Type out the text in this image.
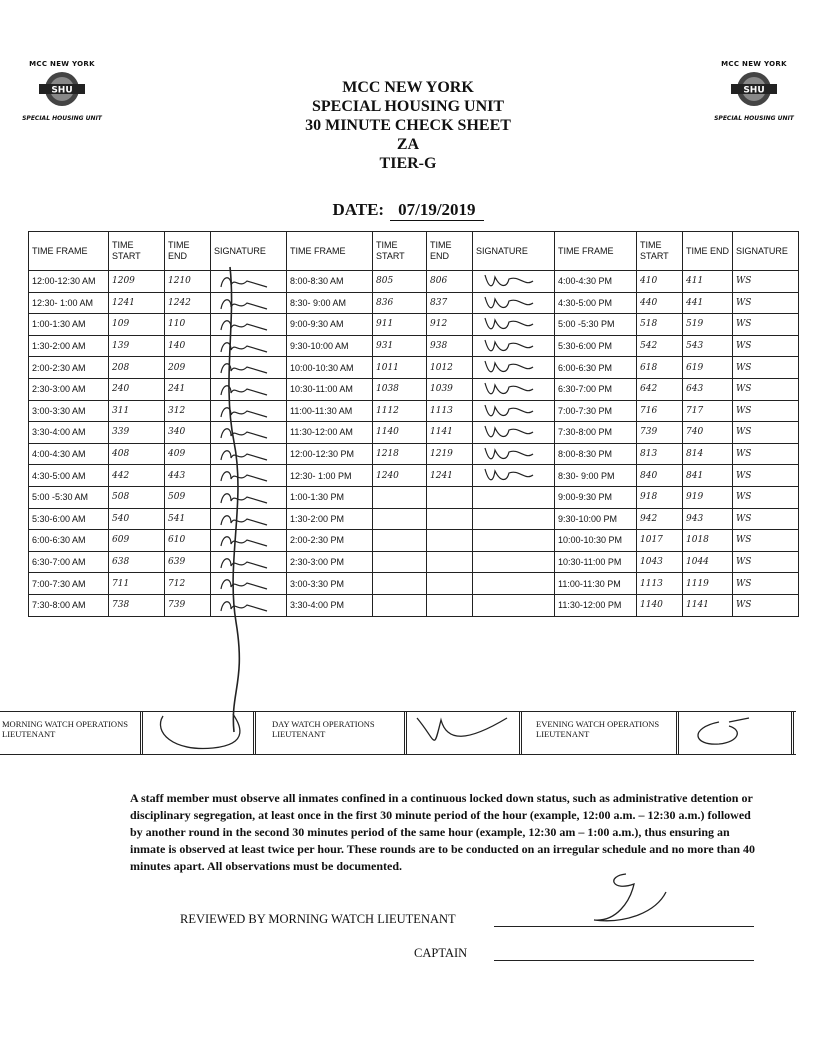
MCC NEW YORK
SHU
SPECIAL HOUSING UNIT
MCC NEW YORK
SHU
SPECIAL HOUSING UNIT
MCC NEW YORK
SPECIAL HOUSING UNIT
30 MINUTE CHECK SHEET
ZA
TIER-G
DATE: 07/19/2019
TIME FRAME	TIME START	TIME END	SIGNATURE	TIME FRAME	TIME START	TIME END	SIGNATURE	TIME FRAME	TIME START	TIME END	SIGNATURE
12:00-12:30 AM	1209	1210		8:00-8:30 AM	805	806		4:00-4:30 PM	410	411	WS
12:30- 1:00 AM	1241	1242		8:30- 9:00 AM	836	837		4:30-5:00 PM	440	441	WS
1:00-1:30 AM	109	110		9:00-9:30 AM	911	912		5:00 -5:30 PM	518	519	WS
1:30-2:00 AM	139	140		9:30-10:00 AM	931	938		5:30-6:00 PM	542	543	WS
2:00-2:30 AM	208	209		10:00-10:30 AM	1011	1012		6:00-6:30 PM	618	619	WS
2:30-3:00 AM	240	241		10:30-11:00 AM	1038	1039		6:30-7:00 PM	642	643	WS
3:00-3:30 AM	311	312		11:00-11:30 AM	1112	1113		7:00-7:30 PM	716	717	WS
3:30-4:00 AM	339	340		11:30-12:00 AM	1140	1141		7:30-8:00 PM	739	740	WS
4:00-4:30 AM	408	409		12:00-12:30 PM	1218	1219		8:00-8:30 PM	813	814	WS
4:30-5:00 AM	442	443		12:30- 1:00 PM	1240	1241		8:30- 9:00 PM	840	841	WS
5:00 -5:30 AM	508	509		1:00-1:30 PM				9:00-9:30 PM	918	919	WS
5:30-6:00 AM	540	541		1:30-2:00 PM				9:30-10:00 PM	942	943	WS
6:00-6:30 AM	609	610		2:00-2:30 PM				10:00-10:30 PM	1017	1018	WS
6:30-7:00 AM	638	639		2:30-3:00 PM				10:30-11:00 PM	1043	1044	WS
7:00-7:30 AM	711	712		3:00-3:30 PM				11:00-11:30 PM	1113	1119	WS
7:30-8:00 AM	738	739		3:30-4:00 PM				11:30-12:00 PM	1140	1141	WS
MORNING WATCH OPERATIONS LIEUTENANT
DAY WATCH OPERATIONS LIEUTENANT
EVENING WATCH OPERATIONS LIEUTENANT
A staff member must observe all inmates confined in a continuous locked down status, such as administrative detention or disciplinary segregation, at least once in the first 30 minute period of the hour (example, 12:00 a.m. – 12:30 a.m.) followed by another round in the second 30 minutes period of the same hour (example, 12:30 am – 1:00 a.m.), thus ensuring an inmate is observed at least twice per hour. These rounds are to be conducted on an irregular schedule and no more than 40 minutes apart. All observations must be documented.
REVIEWED BY MORNING WATCH LIEUTENANT
CAPTAIN
